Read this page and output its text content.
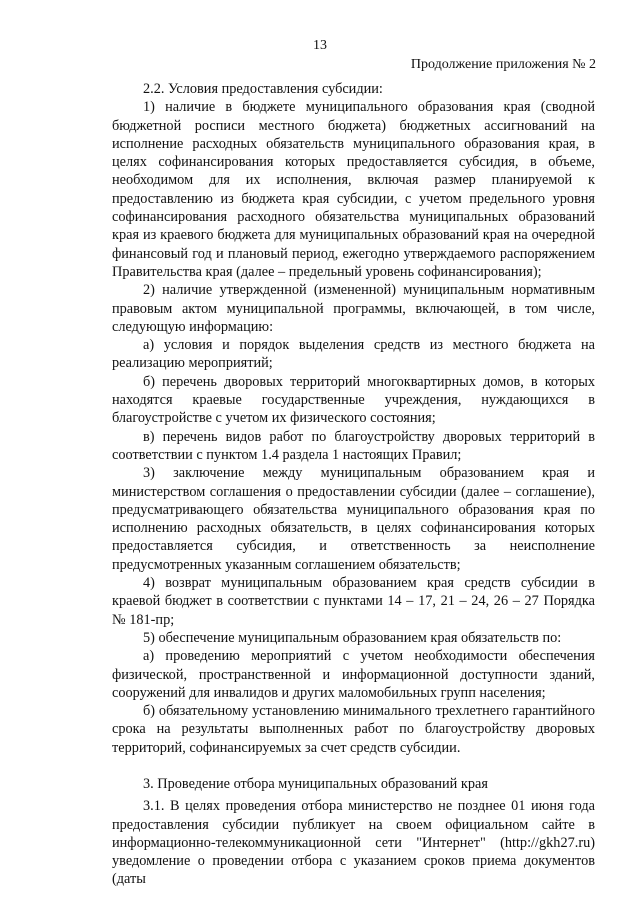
13
Продолжение приложения № 2

2.2. Условия предоставления субсидии:

1) наличие в бюджете муниципального образования края (сводной бюджетной росписи местного бюджета) бюджетных ассигнований на исполнение расходных обязательств муниципального образования края, в целях софинансирования которых предоставляется субсидия, в объеме, необходимом для их исполнения, включая размер планируемой к предоставлению из бюджета края субсидии, с учетом предельного уровня софинансирования расходного обязательства муниципальных образований края из краевого бюджета для муниципальных образований края на очередной финансовый год и плановый период, ежегодно утверждаемого распоряжением Правительства края (далее – предельный уровень софинансирования);

2) наличие утвержденной (измененной) муниципальным нормативным правовым актом муниципальной программы, включающей, в том числе, следующую информацию:

а) условия и порядок выделения средств из местного бюджета на реализацию мероприятий;

б) перечень дворовых территорий многоквартирных домов, в которых находятся краевые государственные учреждения, нуждающихся в благоустройстве с учетом их физического состояния;

в) перечень видов работ по благоустройству дворовых территорий в соответствии с пунктом 1.4 раздела 1 настоящих Правил;

3) заключение между муниципальным образованием края и министерством соглашения о предоставлении субсидии (далее – соглашение), предусматривающего обязательства муниципального образования края по исполнению расходных обязательств, в целях софинансирования которых предоставляется субсидия, и ответственность за неисполнение предусмотренных указанным соглашением обязательств;

4) возврат муниципальным образованием края средств субсидии в краевой бюджет в соответствии с пунктами 14 – 17, 21 – 24, 26 – 27 Порядка № 181-пр;

5) обеспечение муниципальным образованием края обязательств по:

а) проведению мероприятий с учетом необходимости обеспечения физической, пространственной и информационной доступности зданий, сооружений для инвалидов и других маломобильных групп населения;

б) обязательному установлению минимального трехлетнего гарантийного срока на результаты выполненных работ по благоустройству дворовых территорий, софинансируемых за счет средств субсидии.

3. Проведение отбора муниципальных образований края

3.1. В целях проведения отбора министерство не позднее 01 июня года предоставления субсидии публикует на своем официальном сайте в информационно-телекоммуникационной сети "Интернет" (http://gkh27.ru) уведомление о проведении отбора с указанием сроков приема документов (даты
